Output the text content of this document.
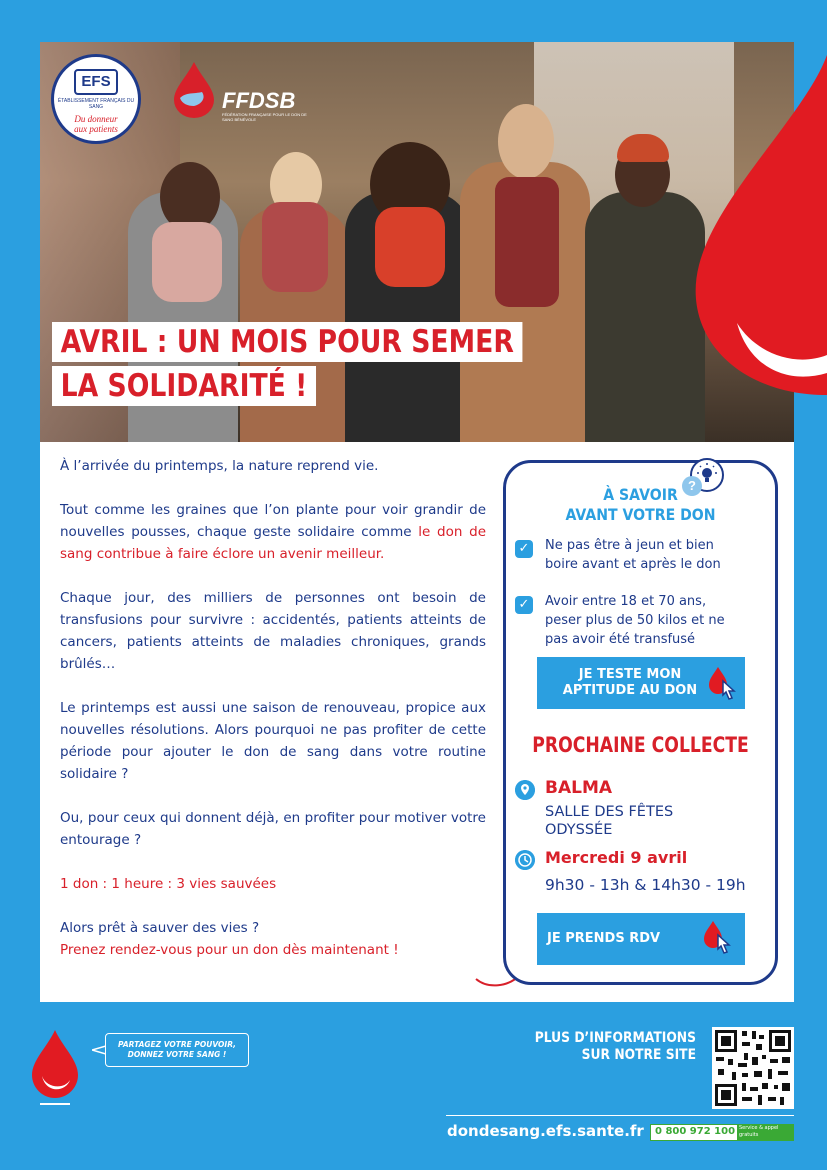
EFS
ÉTABLISSEMENT FRANÇAIS DU SANG
Du donneur
aux patients
FFDSB
FÉDÉRATION FRANÇAISE POUR LE DON DE SANG BÉNÉVOLE
AVRIL : UN MOIS POUR SEMER
LA SOLIDARITÉ !

À l’arrivée du printemps, la nature reprend vie.

Tout comme les graines que l’on plante pour voir grandir de nouvelles pousses, chaque geste solidaire comme le don de sang contribue à faire éclore un avenir meilleur.

Chaque jour, des milliers de personnes ont besoin de transfusions pour survivre : accidentés, patients atteints de cancers, patients atteints de maladies chroniques, grands brûlés…

Le printemps est aussi une saison de renouveau, propice aux nouvelles résolutions. Alors pourquoi ne pas profiter de cette période pour ajouter le don de sang dans votre routine solidaire ?

Ou, pour ceux qui donnent déjà, en profiter pour motiver votre entourage ?

1 don : 1 heure : 3 vies sauvées

Alors prêt à sauver des vies ?
Prenez rendez-vous pour un don dès maintenant !

?
À SAVOIR
AVANT VOTRE DON
✓ Ne pas être à jeun et bien
boire avant et après le don
✓ Avoir entre 18 et 70 ans,
peser plus de 50 kilos et ne
pas avoir été transfusé
JE TESTE MON
APTITUDE AU DON
PROCHAINE COLLECTE
BALMA
SALLE DES FÊTES
ODYSSÉE
Mercredi 9 avril
9h30 - 13h & 14h30 - 19h
JE PRENDS RDV
PARTAGEZ VOTRE POUVOIR,
DONNEZ VOTRE SANG !
PLUS D’INFORMATIONS
SUR NOTRE SITE
dondesang.efs.sante.fr 0 800 972 100 Service & appel gratuits
